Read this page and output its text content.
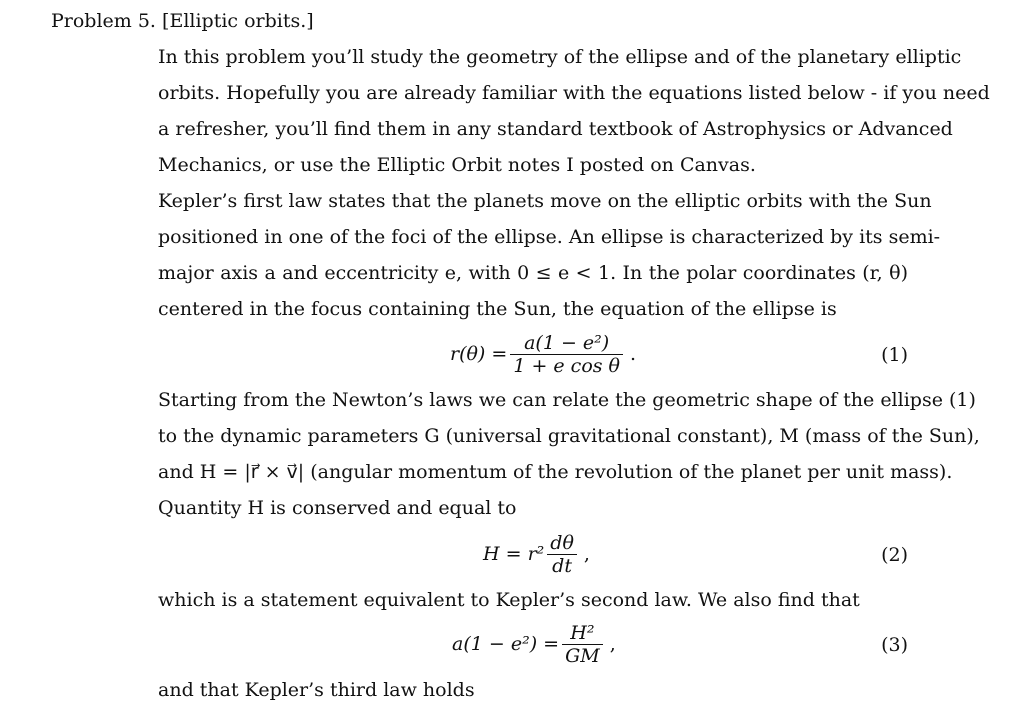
Problem 5. [Elliptic orbits.]
In this problem you’ll study the geometry of the ellipse and of the planetary elliptic
orbits. Hopefully you are already familiar with the equations listed below - if you need
a refresher, you’ll find them in any standard textbook of Astrophysics or Advanced
Mechanics, or use the Elliptic Orbit notes I posted on Canvas.
Kepler’s first law states that the planets move on the elliptic orbits with the Sun
positioned in one of the foci of the ellipse. An ellipse is characterized by its semi-
major axis a and eccentricity e, with 0 ≤ e < 1. In the polar coordinates (r, θ)
centered in the focus containing the Sun, the equation of the ellipse is
$r(\theta) = \frac{\text{a(1 − e²)}}{\text{1 + e cos θ}}$ .	(1)
Starting from the Newton’s laws we can relate the geometric shape of the ellipse (1)
to the dynamic parameters G (universal gravitational constant), M (mass of the Sun),
and H = |r⃗ × v⃗| (angular momentum of the revolution of the planet per unit mass).
Quantity H is conserved and equal to
$H = r^2 \frac{d\theta}{dt}$ ,	(2)
which is a statement equivalent to Kepler’s second law. We also find that
$a(1 - e^2) = \frac{\text{H²}}{GM}$ ,	(3)
and that Kepler’s third law holds
